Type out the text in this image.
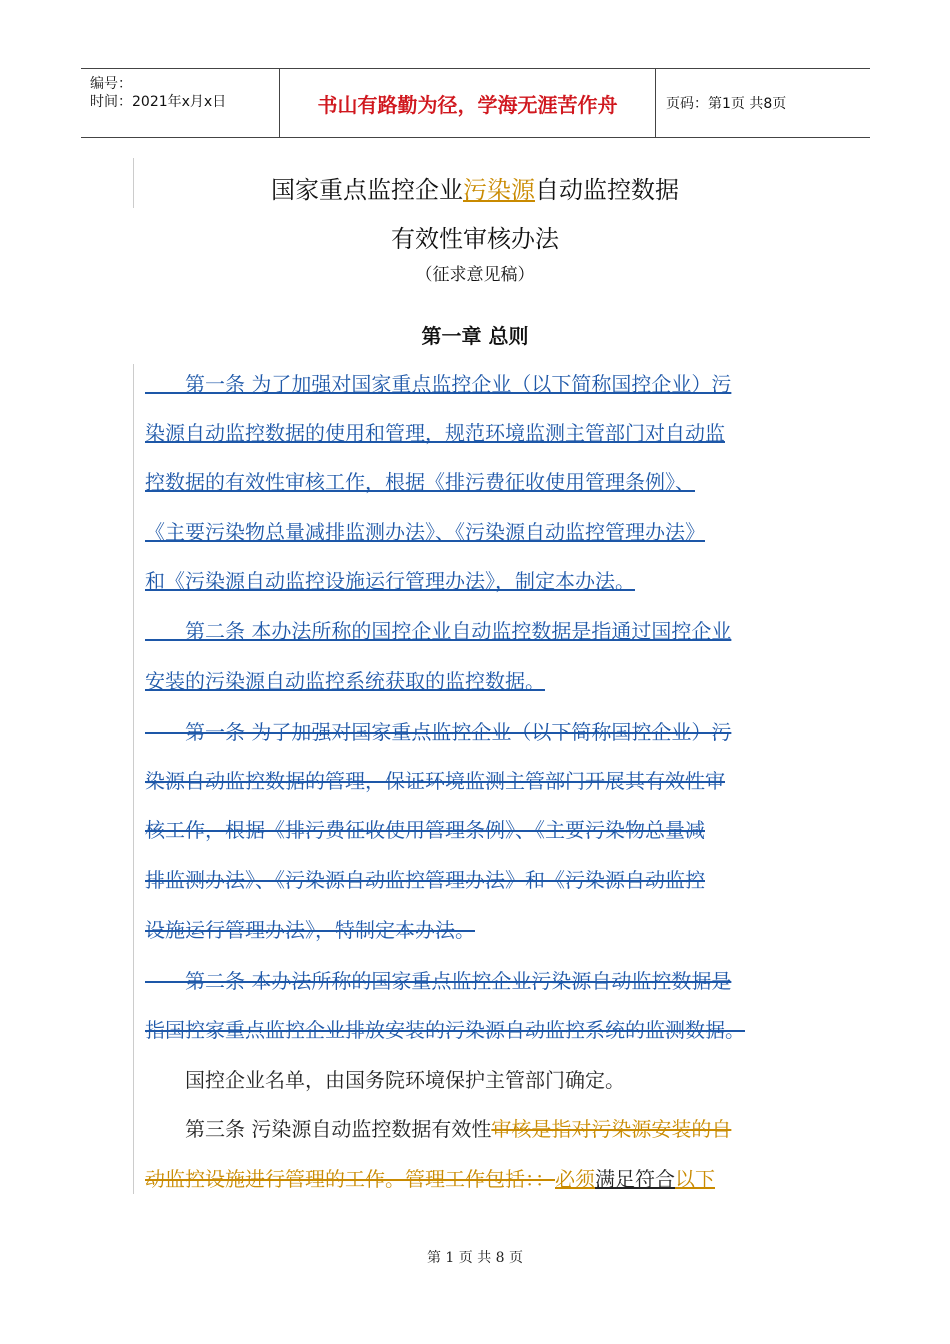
编号：
时间：2021年x月x日	书山有路勤为径，学海无涯苦作舟	页码：第1页 共8页
国家重点监控企业污染源自动监控数据
有效性审核办法
（征求意见稿）
第一章 总则
　　第一条 为了加强对国家重点监控企业（以下简称国控企业）污
染源自动监控数据的使用和管理，规范环境监测主管部门对自动监
控数据的有效性审核工作，根据《排污费征收使用管理条例》、
《主要污染物总量减排监测办法》、《污染源自动监控管理办法》
和《污染源自动监控设施运行管理办法》，制定本办法。
　　第二条 本办法所称的国控企业自动监控数据是指通过国控企业
安装的污染源自动监控系统获取的监控数据。
　　第一条 为了加强对国家重点监控企业（以下简称国控企业）污
染源自动监控数据的管理，保证环境监测主管部门开展其有效性审
核工作，根据《排污费征收使用管理条例》、《主要污染物总量减
排监测办法》、《污染源自动监控管理办法》和《污染源自动监控
设施运行管理办法》，特制定本办法。
　　第二条 本办法所称的国家重点监控企业污染源自动监控数据是
指国控家重点监控企业排放安装的污染源自动监控系统的监测数据。
　　国控企业名单，由国务院环境保护主管部门确定。
　　第三条 污染源自动监控数据有效性审核是指对污染源安装的自
动监控设施进行管理的工作。管理工作包括：：必须满足符合以下
第 1 页 共 8 页
